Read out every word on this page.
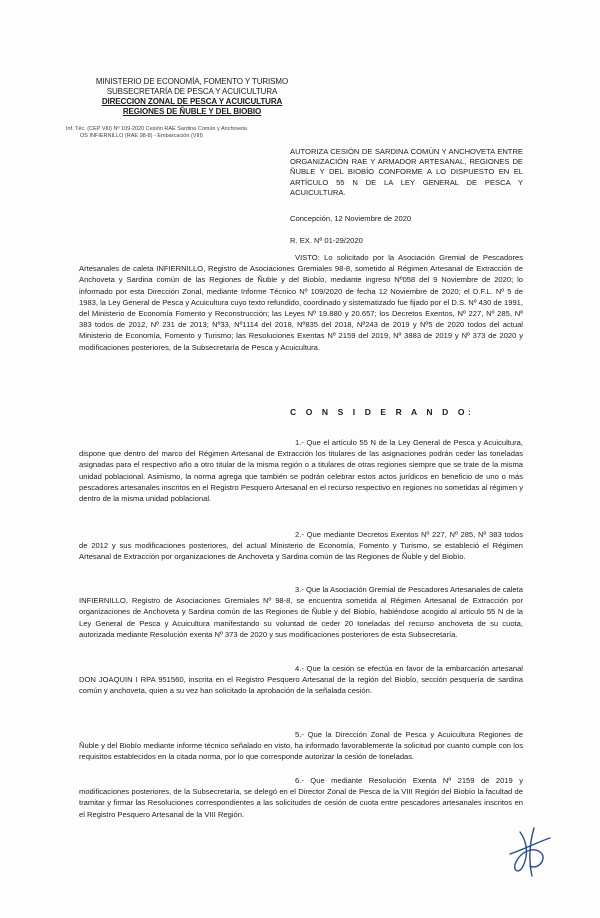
MINISTERIO DE ECONOMÍA, FOMENTO Y TURISMO
SUBSECRETARÍA DE PESCA Y ACUICULTURA
DIRECCION ZONAL DE PESCA Y ACUICULTURA
REGIONES DE ÑUBLE Y DEL BIOBIO
Inf. Téc. (CEP VIII) Nº 109-2020 Cesión RAE Sardina Común y Anchoveta
OS INFIERNILLO (RAE 98-8) - Embarcación (VIII)
AUTORIZA CESIÓN DE SARDINA COMÚN Y ANCHOVETA ENTRE ORGANIZACIÓN RAE Y ARMADOR ARTESANAL, REGIONES DE ÑUBLE Y DEL BIOBÍO CONFORME A LO DISPUESTO EN EL ARTÍCULO 55 N DE LA LEY GENERAL DE PESCA Y ACUICULTURA.
Concepción, 12 Noviembre de 2020
R. EX. Nº 01-29/2020

VISTO: Lo solicitado por la Asociación Gremial de Pescadores Artesanales de caleta INFIERNILLO, Registro de Asociaciones Gremiales 98-8, sometido al Régimen Artesanal de Extracción de Anchoveta y Sardina común de las Regiones de Ñuble y del Biobío, mediante ingreso Nº058 del 9 Noviembre de 2020; lo informado por esta Dirección Zonal, mediante Informe Técnico Nº 109/2020 de fecha 12 Noviembre de 2020; el D.F.L. Nº 5 de 1983, la Ley General de Pesca y Acuicultura cuyo texto refundido, coordinado y sistematizado fue fijado por el D.S. Nº 430 de 1991, del Ministerio de Economía Fomento y Reconstrucción; las Leyes Nº 19.880 y 20.657; los Decretos Exentos, Nº 227, Nº 285, Nº 383 todos de 2012, Nº 231 de 2013; Nº33, Nº1114 del 2018, Nº835 del 2018, Nº243 de 2019 y Nº5 de 2020 todos del actual Ministerio de Economía, Fomento y Turismo; las Resoluciones Exentas Nº 2159 del 2019, Nº 3883 de 2019 y Nº 373 de 2020 y modificaciones posteriores, de la Subsecretaría de Pesca y Acuicultura.

C O N S I D E R A N D O:

1.- Que el artículo 55 N de la Ley General de Pesca y Acuicultura, dispone que dentro del marco del Régimen Artesanal de Extracción los titulares de las asignaciones podrán ceder las toneladas asignadas para el respectivo año a otro titular de la misma región o a titulares de otras regiones siempre que se trate de la misma unidad poblacional. Asimismo, la norma agrega que también se podrán celebrar estos actos jurídicos en beneficio de uno o más pescadores artesanales inscritos en el Registro Pesquero Artesanal en el recurso respectivo en regiones no sometidas al régimen y dentro de la misma unidad poblacional.

2.- Que mediante Decretos Exentos Nº 227, Nº 285, Nº 383 todos de 2012 y sus modificaciones posteriores, del actual Ministerio de Economía, Fomento y Turismo, se estableció el Régimen Artesanal de Extracción por organizaciones de Anchoveta y Sardina común de las Regiones de Ñuble y del Biobío.

3.- Que la Asociación Gremial de Pescadores Artesanales de caleta INFIERNILLO, Registro de Asociaciones Gremiales Nº 98-8, se encuentra sometida al Régimen Artesanal de Extracción por organizaciones de Anchoveta y Sardina común de las Regiones de Ñuble y del Biobío, habiéndose acogido al artículo 55 N de la Ley General de Pesca y Acuicultura manifestando su voluntad de ceder 20 toneladas del recurso anchoveta de su cuota, autorizada mediante Resolución exenta Nº 373 de 2020 y sus modificaciones posteriores de esta Subsecretaría.

4.- Que la cesión se efectúa en favor de la embarcación artesanal DON JOAQUIN I RPA 951560, inscrita en el Registro Pesquero Artesanal de la región del Biobío, sección pesquería de sardina común y anchoveta, quien a su vez han solicitado la aprobación de la señalada cesión.

5.- Que la Dirección Zonal de Pesca y Acuicultura Regiones de Ñuble y del Biobío mediante informe técnico señalado en visto, ha informado favorablemente la solicitud por cuanto cumple con los requisitos establecidos en la citada norma, por lo que corresponde autorizar la cesión de toneladas.

6.- Que mediante Resolución Exenta Nº 2159 de 2019 y modificaciones posteriores, de la Subsecretaría, se delegó en el Director Zonal de Pesca de la VIII Región del Biobío la facultad de tramitar y firmar las Resoluciones correspondientes a las solicitudes de cesión de cuota entre pescadores artesanales inscritos en el Registro Pesquero Artesanal de la VIII Región.
